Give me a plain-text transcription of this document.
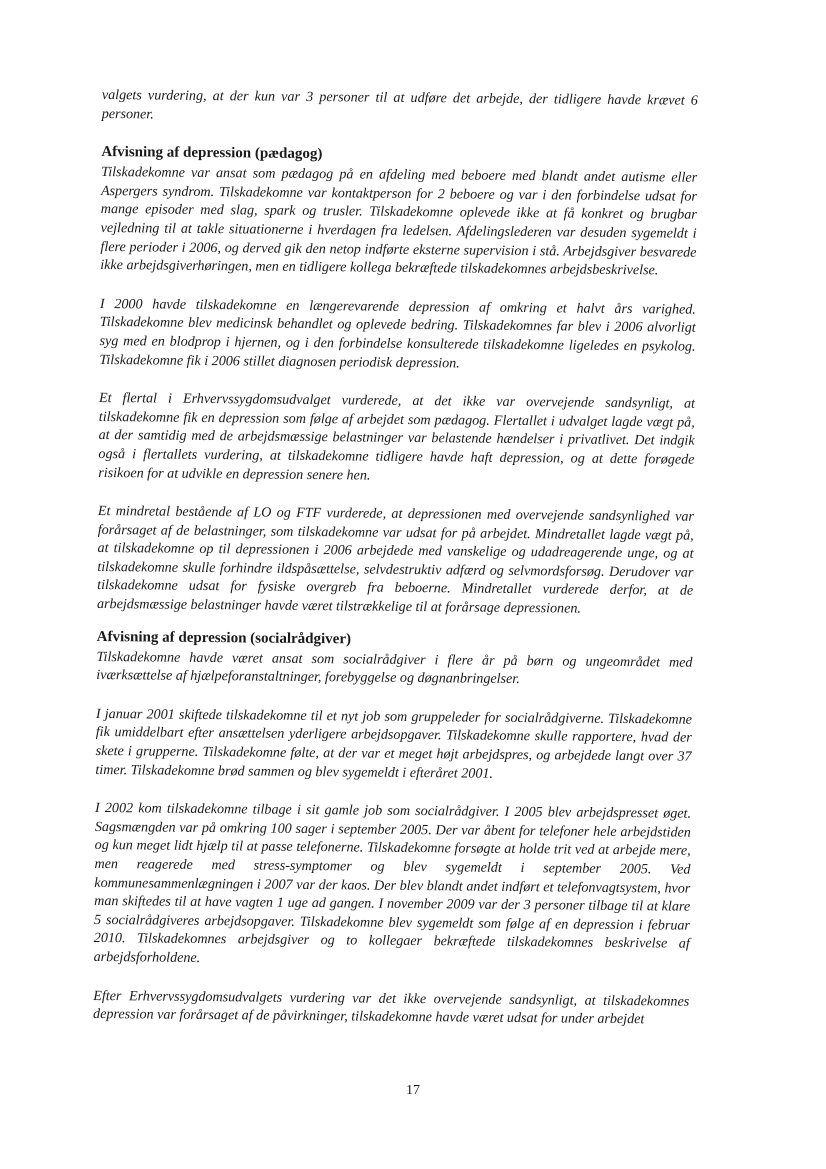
valgets vurdering, at der kun var 3 personer til at udføre det arbejde, der tidligere havde krævet 6 personer.

Afvisning af depression (pædagog)

Tilskadekomne var ansat som pædagog på en afdeling med beboere med blandt andet autisme eller Aspergers syndrom. Tilskadekomne var kontaktperson for 2 beboere og var i den forbindelse udsat for mange episoder med slag, spark og trusler. Tilskadekomne oplevede ikke at få konkret og brugbar vejledning til at takle situationerne i hverdagen fra ledelsen. Afdelingslederen var desuden sygemeldt i flere perioder i 2006, og derved gik den netop indførte eksterne supervision i stå. Arbejdsgiver besvarede ikke arbejdsgiverhøringen, men en tidligere kollega bekræftede tilskadekomnes arbejdsbeskrivelse.

I 2000 havde tilskadekomne en længerevarende depression af omkring et halvt års varighed. Tilskadekomne blev medicinsk behandlet og oplevede bedring. Tilskadekomnes far blev i 2006 alvorligt syg med en blodprop i hjernen, og i den forbindelse konsulterede tilskadekomne ligeledes en psykolog. Tilskadekomne fik i 2006 stillet diagnosen periodisk depression.

Et flertal i Erhvervssygdomsudvalget vurderede, at det ikke var overvejende sandsynligt, at tilskadekomne fik en depression som følge af arbejdet som pædagog. Flertallet i udvalget lagde vægt på, at der samtidig med de arbejdsmæssige belastninger var belastende hændelser i privatlivet. Det indgik også i flertallets vurdering, at tilskadekomne tidligere havde haft depression, og at dette forøgede risikoen for at udvikle en depression senere hen.

Et mindretal bestående af LO og FTF vurderede, at depressionen med overvejende sandsynlighed var forårsaget af de belastninger, som tilskadekomne var udsat for på arbejdet. Mindretallet lagde vægt på, at tilskadekomne op til depressionen i 2006 arbejdede med vanskelige og udadreagerende unge, og at tilskadekomne skulle forhindre ildspåsættelse, selvdestruktiv adfærd og selvmordsforsøg. Derudover var tilskadekomne udsat for fysiske overgreb fra beboerne. Mindretallet vurderede derfor, at de arbejdsmæssige belastninger havde været tilstrækkelige til at forårsage depressionen.

Afvisning af depression (socialrådgiver)

Tilskadekomne havde været ansat som socialrådgiver i flere år på børn og ungeområdet med iværksættelse af hjælpeforanstaltninger, forebyggelse og døgnanbringelser.

I januar 2001 skiftede tilskadekomne til et nyt job som gruppeleder for socialrådgiverne. Tilskadekomne fik umiddelbart efter ansættelsen yderligere arbejdsopgaver. Tilskadekomne skulle rapportere, hvad der skete i grupperne. Tilskadekomne følte, at der var et meget højt arbejdspres, og arbejdede langt over 37 timer. Tilskadekomne brød sammen og blev sygemeldt i efteråret 2001.

I 2002 kom tilskadekomne tilbage i sit gamle job som socialrådgiver. I 2005 blev arbejdspresset øget. Sagsmængden var på omkring 100 sager i september 2005. Der var åbent for telefoner hele arbejdstiden og kun meget lidt hjælp til at passe telefonerne. Tilskadekomne forsøgte at holde trit ved at arbejde mere, men reagerede med stress-symptomer og blev sygemeldt i september 2005. Ved kommunesammenlægningen i 2007 var der kaos. Der blev blandt andet indført et telefonvagtsystem, hvor man skiftedes til at have vagten 1 uge ad gangen. I november 2009 var der 3 personer tilbage til at klare 5 socialrådgiveres arbejdsopgaver. Tilskadekomne blev sygemeldt som følge af en depression i februar 2010. Tilskadekomnes arbejdsgiver og to kollegaer bekræftede tilskadekomnes beskrivelse af arbejdsforholdene.

Efter Erhvervssygdomsudvalgets vurdering var det ikke overvejende sandsynligt, at tilskadekomnes depression var forårsaget af de påvirkninger, tilskadekomne havde været udsat for under arbejdet

17
